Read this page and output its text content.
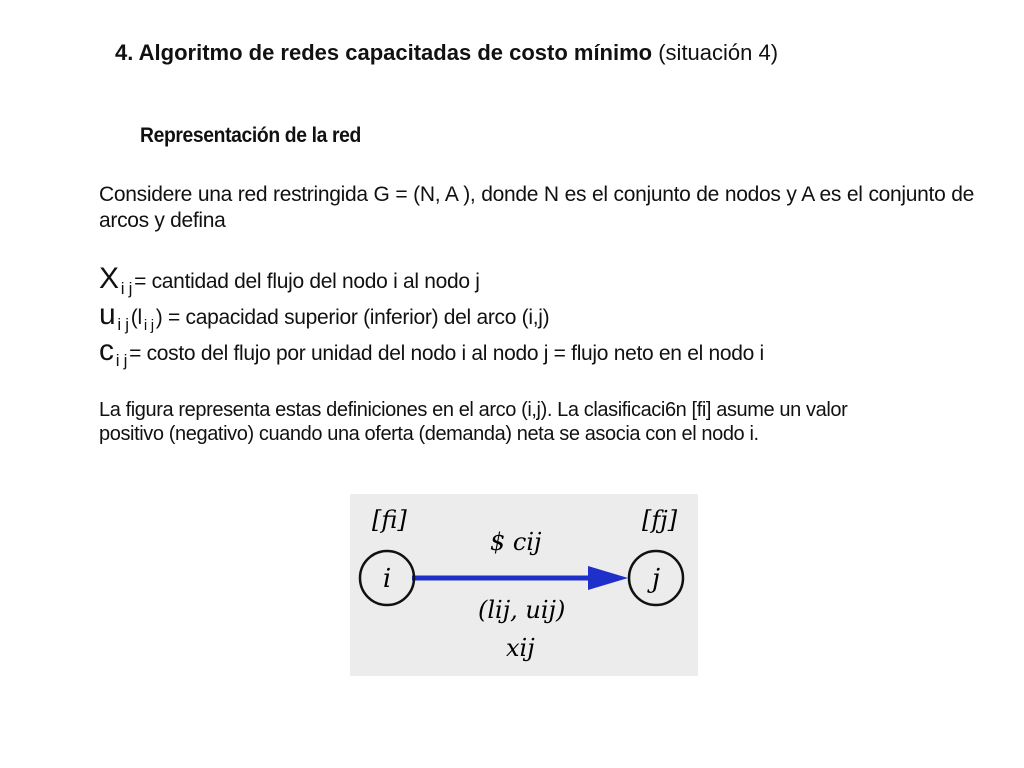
4. Algoritmo de redes capacitadas de costo mínimo (situación 4)
Representación de la red
Considere una red restringida G = (N, A ), donde N es el conjunto de nodos y A es el conjunto de arcos y defina
X $_{i j}$= cantidad del flujo del nodo i al nodo j
u $_{i j}$(l $_{i j}$) = capacidad superior (inferior) del arco (i,j)
c $_{i j}$= costo del flujo por unidad del nodo i al nodo j = flujo neto en el nodo i
La figura representa estas definiciones en el arco (i,j). La clasificaci6n [fi] asume un valor
positivo (negativo) cuando una oferta (demanda) neta se asocia con el nodo i.
[fi]	[fj]
$ cij
i	j
(lij, uij)
xij
